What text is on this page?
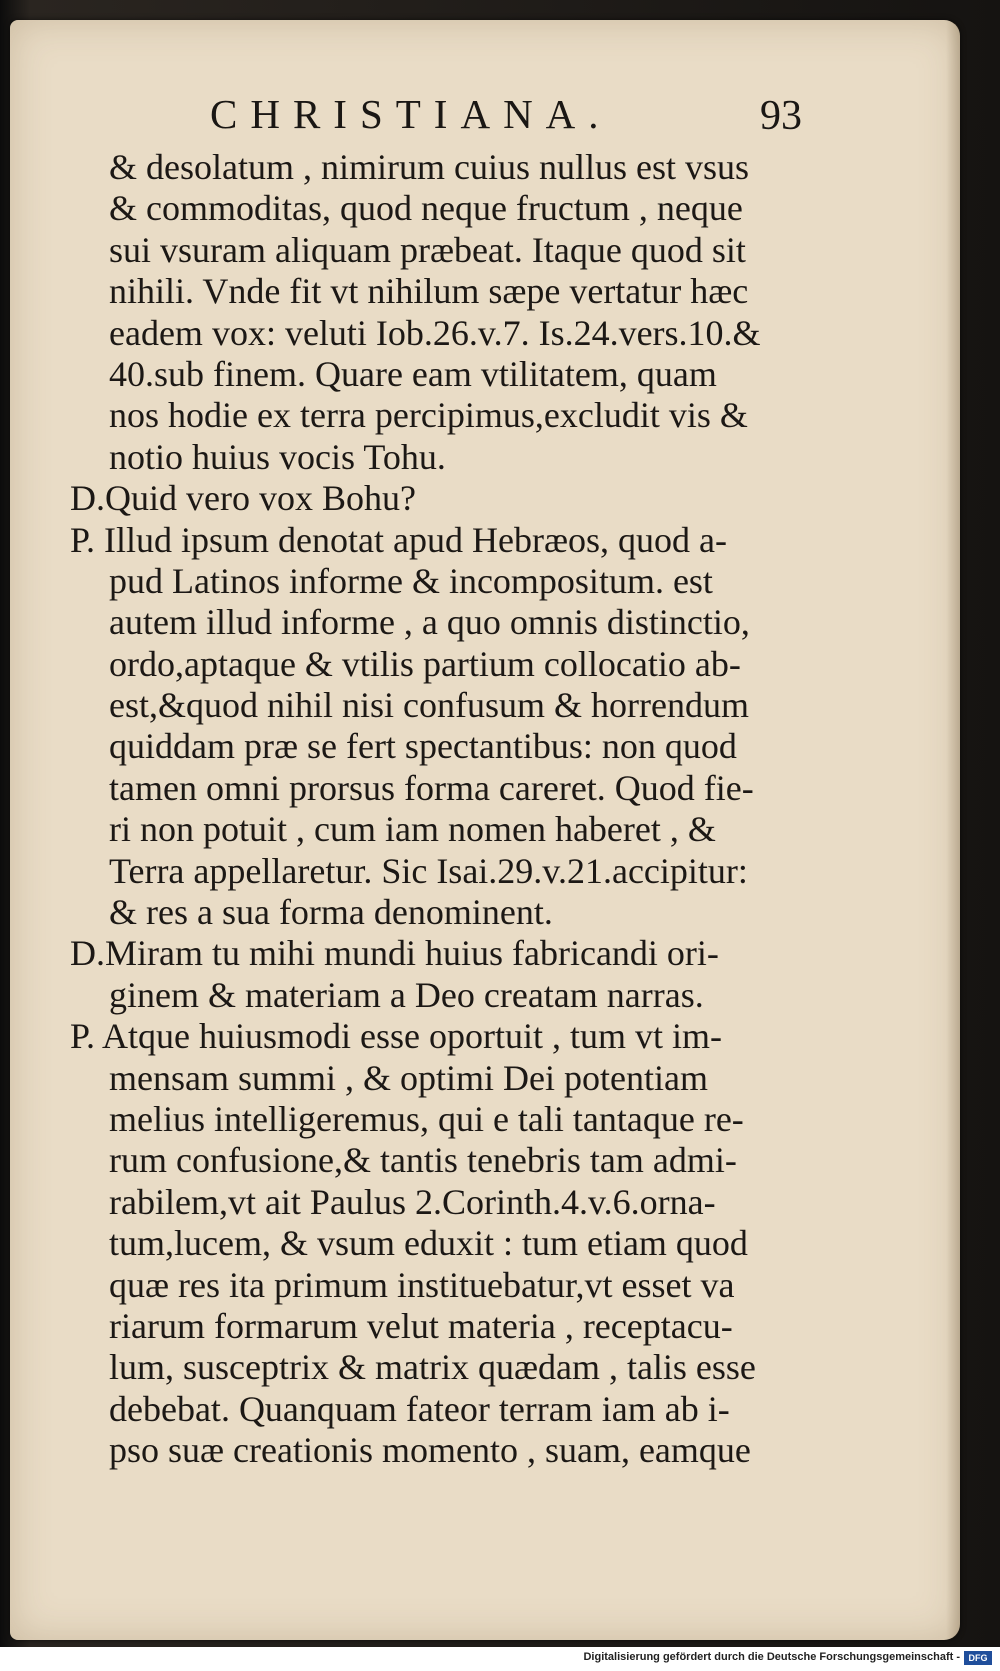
CHRISTIANA.	93
& desolatum , nimirum cuius nullus est vsus
& commoditas, quod neque fructum , neque
sui vsuram aliquam præbeat. Itaque quod sit
nihili. Vnde fit vt nihilum sæpe vertatur hæc
eadem vox: veluti Iob.26.v.7. Is.24.vers.10.&
40.sub finem. Quare eam vtilitatem, quam
nos hodie ex terra percipimus,excludit vis &
notio huius vocis Tohu.
D.Quid vero vox Bohu?
P. Illud ipsum denotat apud Hebræos, quod a-
pud Latinos informe & incompositum. est
autem illud informe , a quo omnis distinctio,
ordo,aptaque & vtilis partium collocatio ab-
est,&quod nihil nisi confusum & horrendum
quiddam præ se fert spectantibus: non quod
tamen omni prorsus forma careret. Quod fie-
ri non potuit , cum iam nomen haberet , &
Terra appellaretur. Sic Isai.29.v.21.accipitur:
& res a sua forma denominent.
D.Miram tu mihi mundi huius fabricandi ori-
ginem & materiam a Deo creatam narras.
P. Atque huiusmodi esse oportuit , tum vt im-
mensam summi , & optimi Dei potentiam
melius intelligeremus, qui e tali tantaque re-
rum confusione,& tantis tenebris tam admi-
rabilem,vt ait Paulus 2.Corinth.4.v.6.orna-
tum,lucem, & vsum eduxit : tum etiam quod
quæ res ita primum instituebatur,vt esset va
riarum formarum velut materia , receptacu-
lum, susceptrix & matrix quædam , talis esse
debebat. Quanquam fateor terram iam ab i-
pso suæ creationis momento , suam, eamque
Digitalisierung gefördert durch die Deutsche Forschungsgemeinschaft - DFG
